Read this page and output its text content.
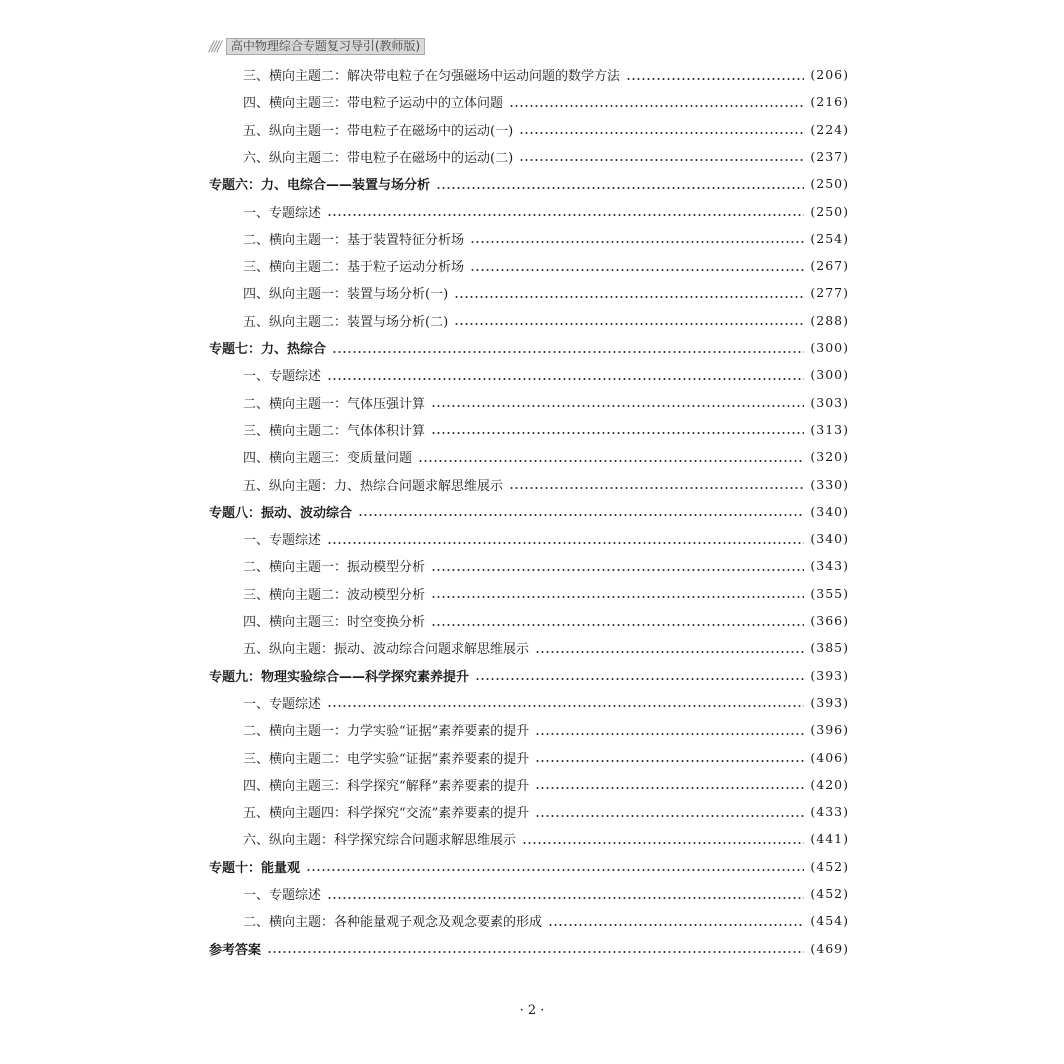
//// 高中物理综合专题复习导引(教师版)
三、横向主题二：解决带电粒子在匀强磁场中运动问题的数学方法	(206)
四、横向主题三：带电粒子运动中的立体问题	(216)
五、纵向主题一：带电粒子在磁场中的运动(一)	(224)
六、纵向主题二：带电粒子在磁场中的运动(二)	(237)
专题六：力、电综合——装置与场分析	(250)
一、专题综述	(250)
二、横向主题一：基于装置特征分析场	(254)
三、横向主题二：基于粒子运动分析场	(267)
四、纵向主题一：装置与场分析(一)	(277)
五、纵向主题二：装置与场分析(二)	(288)
专题七：力、热综合	(300)
一、专题综述	(300)
二、横向主题一：气体压强计算	(303)
三、横向主题二：气体体积计算	(313)
四、横向主题三：变质量问题	(320)
五、纵向主题：力、热综合问题求解思维展示	(330)
专题八：振动、波动综合	(340)
一、专题综述	(340)
二、横向主题一：振动模型分析	(343)
三、横向主题二：波动模型分析	(355)
四、横向主题三：时空变换分析	(366)
五、纵向主题：振动、波动综合问题求解思维展示	(385)
专题九：物理实验综合——科学探究素养提升	(393)
一、专题综述	(393)
二、横向主题一：力学实验“证据”素养要素的提升	(396)
三、横向主题二：电学实验“证据”素养要素的提升	(406)
四、横向主题三：科学探究“解释”素养要素的提升	(420)
五、横向主题四：科学探究“交流”素养要素的提升	(433)
六、纵向主题：科学探究综合问题求解思维展示	(441)
专题十：能量观	(452)
一、专题综述	(452)
二、横向主题：各种能量观子观念及观念要素的形成	(454)
参考答案	(469)
· 2 ·
